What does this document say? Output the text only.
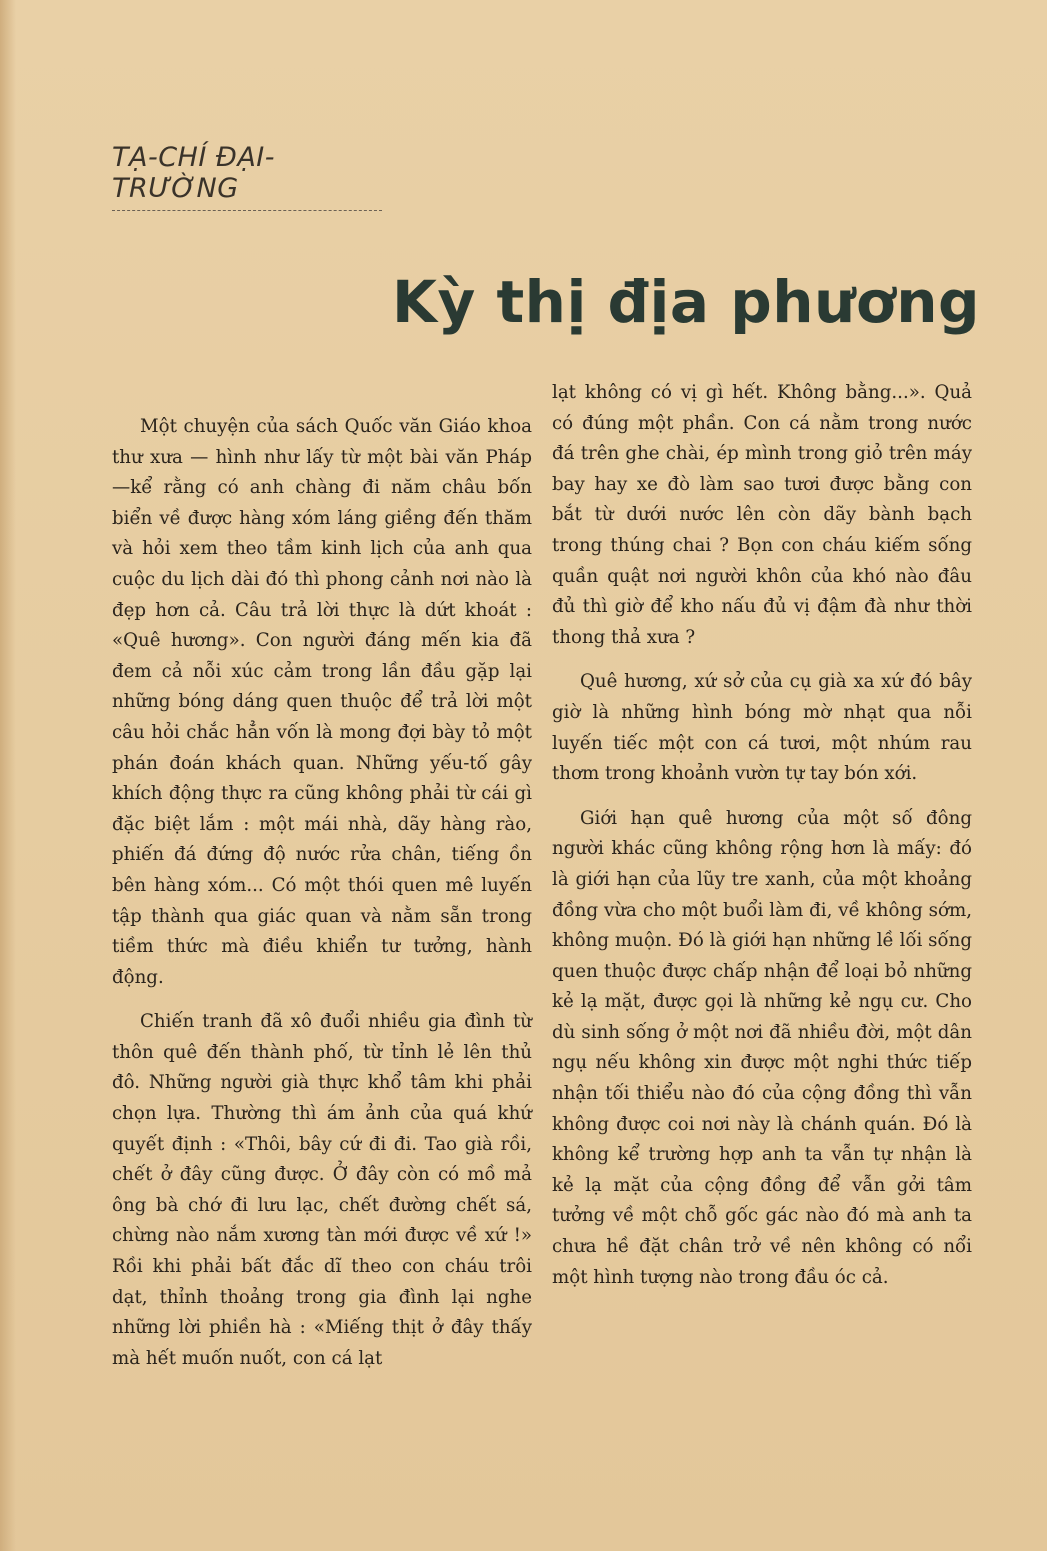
TẠ-CHÍ ĐẠI-TRƯỜNG
Kỳ thị địa phương

Một chuyện của sách Quốc văn Giáo khoa thư xưa — hình như lấy từ một bài văn Pháp—kể rằng có anh chàng đi năm châu bốn biển về được hàng xóm láng giềng đến thăm và hỏi xem theo tầm kinh lịch của anh qua cuộc du lịch dài đó thì phong cảnh nơi nào là đẹp hơn cả. Câu trả lời thực là dứt khoát : «Quê hương». Con người đáng mến kia đã đem cả nỗi xúc cảm trong lần đầu gặp lại những bóng dáng quen thuộc để trả lời một câu hỏi chắc hẳn vốn là mong đợi bày tỏ một phán đoán khách quan. Những yếu-tố gây khích động thực ra cũng không phải từ cái gì đặc biệt lắm : một mái nhà, dãy hàng rào, phiến đá đứng độ nước rửa chân, tiếng ồn bên hàng xóm... Có một thói quen mê luyến tập thành qua giác quan và nằm sẵn trong tiềm thức mà điều khiển tư tưởng, hành động.

Chiến tranh đã xô đuổi nhiều gia đình từ thôn quê đến thành phố, từ tỉnh lẻ lên thủ đô. Những người già thực khổ tâm khi phải chọn lựa. Thường thì ám ảnh của quá khứ quyết định : «Thôi, bây cứ đi đi. Tao già rồi, chết ở đây cũng được. Ở đây còn có mồ mả ông bà chớ đi lưu lạc, chết đường chết sá, chừng nào nắm xương tàn mới được về xứ !» Rồi khi phải bất đắc dĩ theo con cháu trôi dạt, thỉnh thoảng trong gia đình lại nghe những lời phiền hà : «Miếng thịt ở đây thấy mà hết muốn nuốt, con cá lạt

lạt không có vị gì hết. Không bằng...». Quả có đúng một phần. Con cá nằm trong nước đá trên ghe chài, ép mình trong giỏ trên máy bay hay xe đò làm sao tươi được bằng con bắt từ dưới nước lên còn dãy bành bạch trong thúng chai ? Bọn con cháu kiếm sống quần quật nơi người khôn của khó nào đâu đủ thì giờ để kho nấu đủ vị đậm đà như thời thong thả xưa ?

Quê hương, xứ sở của cụ già xa xứ đó bây giờ là những hình bóng mờ nhạt qua nỗi luyến tiếc một con cá tươi, một nhúm rau thơm trong khoảnh vườn tự tay bón xới.

Giới hạn quê hương của một số đông người khác cũng không rộng hơn là mấy: đó là giới hạn của lũy tre xanh, của một khoảng đồng vừa cho một buổi làm đi, về không sớm, không muộn. Đó là giới hạn những lề lối sống quen thuộc được chấp nhận để loại bỏ những kẻ lạ mặt, được gọi là những kẻ ngụ cư. Cho dù sinh sống ở một nơi đã nhiều đời, một dân ngụ nếu không xin được một nghi thức tiếp nhận tối thiểu nào đó của cộng đồng thì vẫn không được coi nơi này là chánh quán. Đó là không kể trường hợp anh ta vẫn tự nhận là kẻ lạ mặt của cộng đồng để vẫn gởi tâm tưởng về một chỗ gốc gác nào đó mà anh ta chưa hề đặt chân trở về nên không có nổi một hình tượng nào trong đầu óc cả.
